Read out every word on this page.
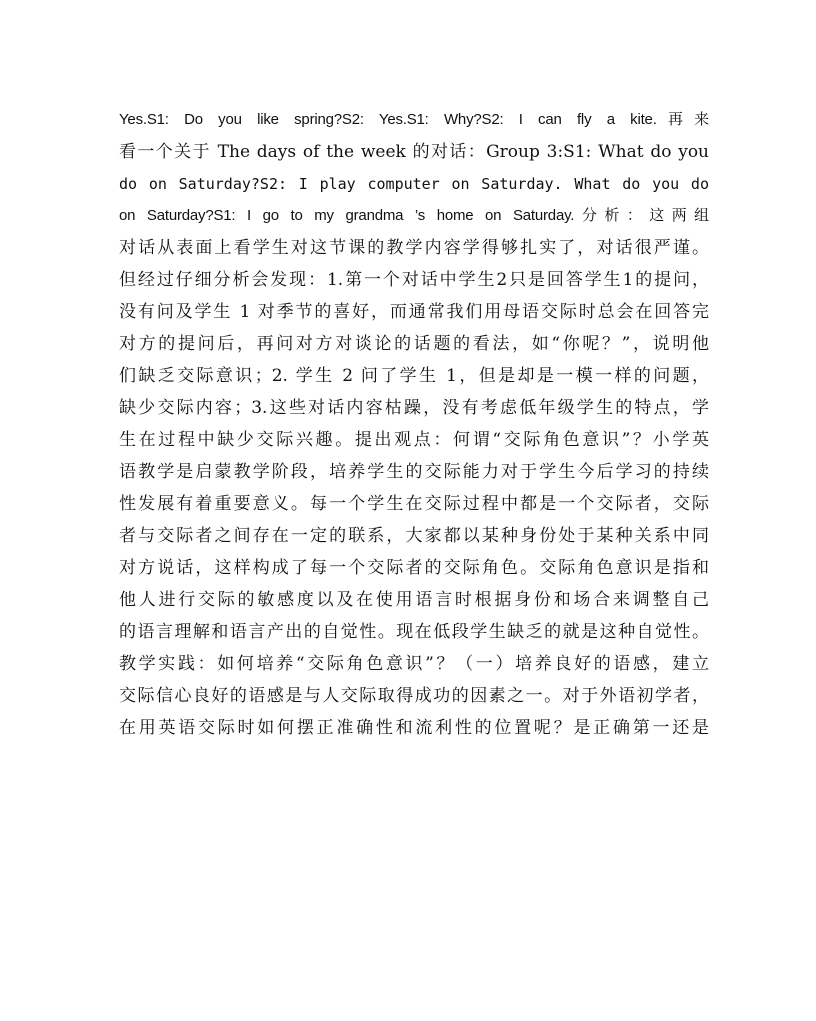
Yes.S1: Do you like spring?S2: Yes.S1: Why?S2: I can fly a kite.再来
看一个关于 The days of the week 的对话：Group 3:S1: What do you
do on Saturday?S2: I play computer on Saturday. What do you do
on Saturday?S1: I go to my grandma ’s home on Saturday.分析：这两组
对话从表面上看学生对这节课的教学内容学得够扎实了，对话很严谨。
但经过仔细分析会发现：1.第一个对话中学生2只是回答学生1的提问，
没有问及学生 1 对季节的喜好，而通常我们用母语交际时总会在回答完
对方的提问后，再问对方对谈论的话题的看法，如“你呢？”，说明他
们缺乏交际意识；2. 学生 2 问了学生 1，但是却是一模一样的问题，
缺少交际内容；3.这些对话内容枯躁，没有考虑低年级学生的特点，学
生在过程中缺少交际兴趣。提出观点：何谓“交际角色意识”？小学英
语教学是启蒙教学阶段，培养学生的交际能力对于学生今后学习的持续
性发展有着重要意义。每一个学生在交际过程中都是一个交际者，交际
者与交际者之间存在一定的联系，大家都以某种身份处于某种关系中同
对方说话，这样构成了每一个交际者的交际角色。交际角色意识是指和
他人进行交际的敏感度以及在使用语言时根据身份和场合来调整自己
的语言理解和语言产出的自觉性。现在低段学生缺乏的就是这种自觉性。
教学实践：如何培养“交际角色意识”？（一）培养良好的语感，建立
交际信心良好的语感是与人交际取得成功的因素之一。对于外语初学者，
在用英语交际时如何摆正准确性和流利性的位置呢？是正确第一还是
